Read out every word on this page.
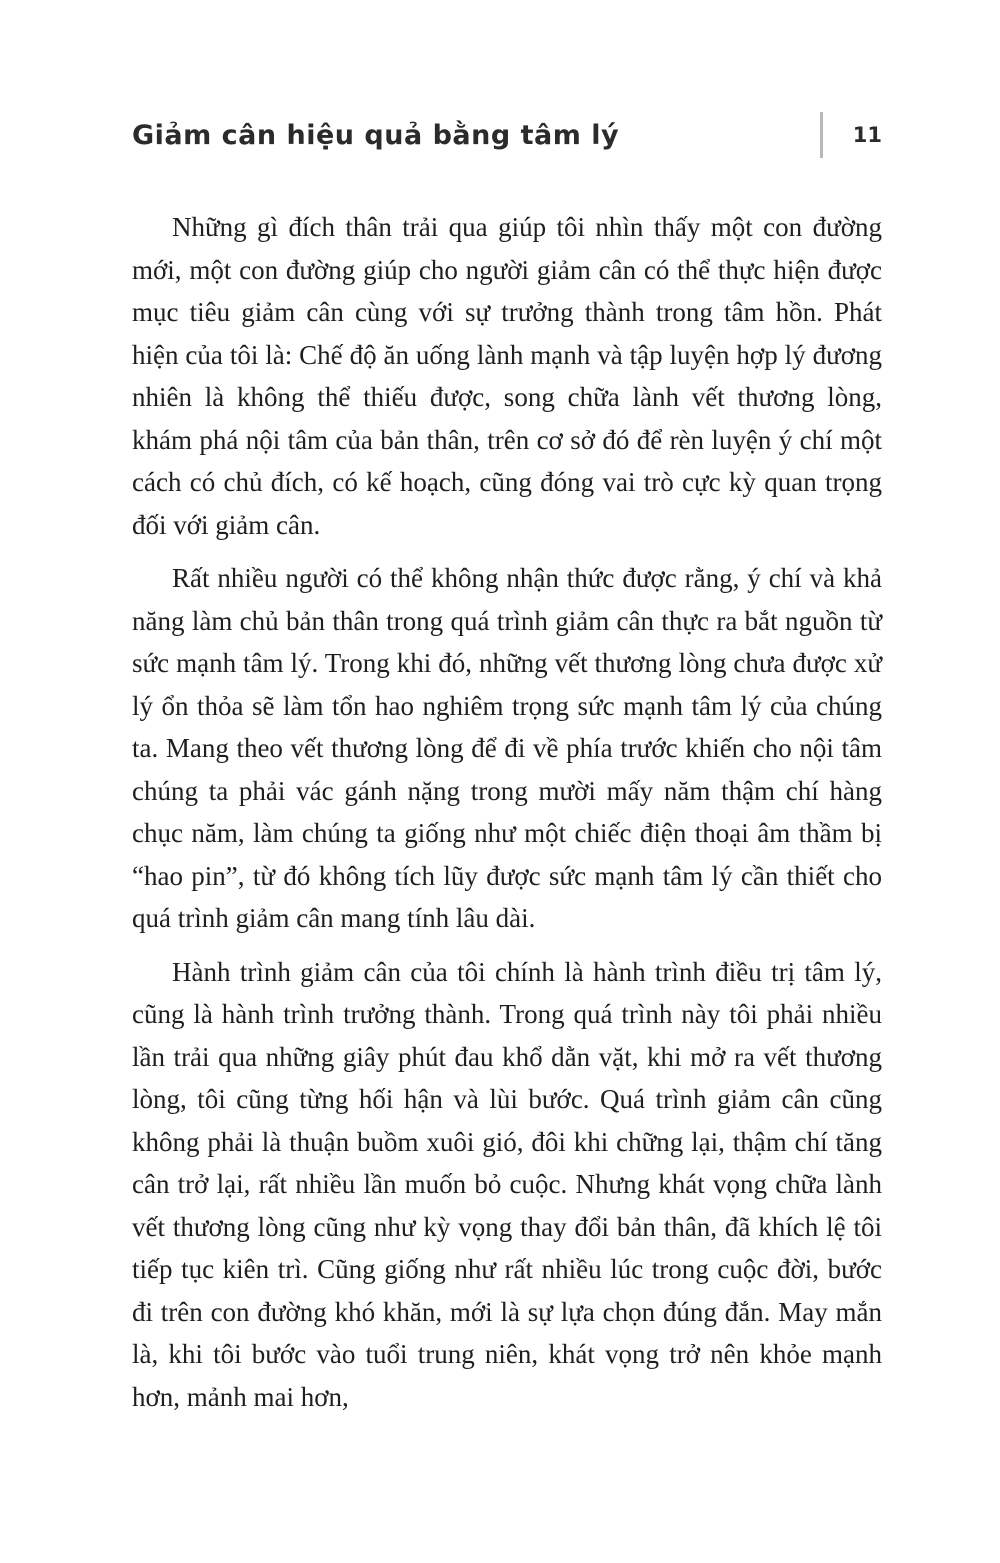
Giảm cân hiệu quả bằng tâm lý	11

Những gì đích thân trải qua giúp tôi nhìn thấy một con đường mới, một con đường giúp cho người giảm cân có thể thực hiện được mục tiêu giảm cân cùng với sự trưởng thành trong tâm hồn. Phát hiện của tôi là: Chế độ ăn uống lành mạnh và tập luyện hợp lý đương nhiên là không thể thiếu được, song chữa lành vết thương lòng, khám phá nội tâm của bản thân, trên cơ sở đó để rèn luyện ý chí một cách có chủ đích, có kế hoạch, cũng đóng vai trò cực kỳ quan trọng đối với giảm cân.

Rất nhiều người có thể không nhận thức được rằng, ý chí và khả năng làm chủ bản thân trong quá trình giảm cân thực ra bắt nguồn từ sức mạnh tâm lý. Trong khi đó, những vết thương lòng chưa được xử lý ổn thỏa sẽ làm tổn hao nghiêm trọng sức mạnh tâm lý của chúng ta. Mang theo vết thương lòng để đi về phía trước khiến cho nội tâm chúng ta phải vác gánh nặng trong mười mấy năm thậm chí hàng chục năm, làm chúng ta giống như một chiếc điện thoại âm thầm bị “hao pin”, từ đó không tích lũy được sức mạnh tâm lý cần thiết cho quá trình giảm cân mang tính lâu dài.

Hành trình giảm cân của tôi chính là hành trình điều trị tâm lý, cũng là hành trình trưởng thành. Trong quá trình này tôi phải nhiều lần trải qua những giây phút đau khổ dằn vặt, khi mở ra vết thương lòng, tôi cũng từng hối hận và lùi bước. Quá trình giảm cân cũng không phải là thuận buồm xuôi gió, đôi khi chững lại, thậm chí tăng cân trở lại, rất nhiều lần muốn bỏ cuộc. Nhưng khát vọng chữa lành vết thương lòng cũng như kỳ vọng thay đổi bản thân, đã khích lệ tôi tiếp tục kiên trì. Cũng giống như rất nhiều lúc trong cuộc đời, bước đi trên con đường khó khăn, mới là sự lựa chọn đúng đắn. May mắn là, khi tôi bước vào tuổi trung niên, khát vọng trở nên khỏe mạnh hơn, mảnh mai hơn,
